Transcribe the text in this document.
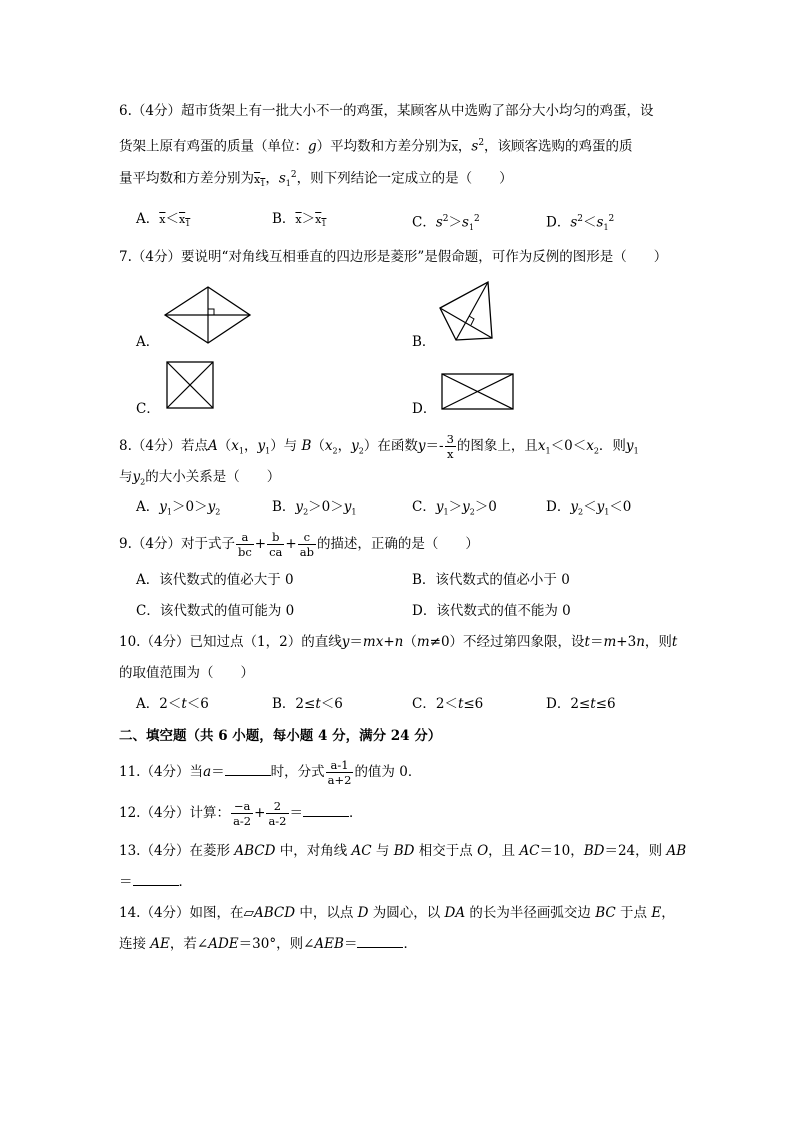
6.（4分）超市货架上有一批大小不一的鸡蛋，某顾客从中选购了部分大小均匀的鸡蛋，设
货架上原有鸡蛋的质量（单位：g）平均数和方差分别为$\overline{x}$，$s^2$，该顾客选购的鸡蛋的质
量平均数和方差分别为$x_1$，$s_1^2$，则下列结论一定成立的是（　　）
A．$\overline{x}<x_1$	B．$\overline{x}>x_1$	C．$s^2>s_1^2$	D．$s^2<s_1^2$
7.（4分）要说明“对角线互相垂直的四边形是菱形”是假命题，可作为反例的图形是（　　）
A．	B．
C．	D．
8.（4分）若点$A(x_1$，$y_1$）与 $B(x_2$，$y_2$）在函数$y=- \frac{3}{x}$ 的图象上，且$x_1<0<x_2$．则$y_1$
与$y_2$的大小关系是（　　）
A．$y_1>0>y_2$	B．$y_2>0>y_1$	C．$y_1>y_2>0$	D．$y_2<y_1<0$
9.（4分）对于式子 $\frac{a}{bc} + \frac{b}{ca} + \frac{c}{ab}$ 的描述，正确的是（　　）
A．该代数式的值必大于 0	B．该代数式的值必小于 0
C．该代数式的值可能为 0	D．该代数式的值不能为 0
10.（4分）已知过点（1，2）的直线y＝mx+n（m≠0）不经过第四象限，设t＝m+3n，则t
的取值范围为（　　）
A．2＜t＜6	B．2≤t＜6	C．2＜t≤6	D．2≤t≤6
二、填空题（共 6 小题，每小题 4 分，满分 24 分）
11.（4分）当a＝	时，分式 $\frac{a-1}{a+2}$ 的值为 0．
12.（4分）计算： $\frac{-a}{a-2} + \frac{2}{a-2}$ ＝	．
13.（4分）在菱形 ABCD 中，对角线 AC 与 BD 相交于点 O，且 AC＝10，BD＝24，则 AB
＝	．
14.（4分）如图，在▱ABCD 中，以点 D 为圆心，以 DA 的长为半径画弧交边 BC 于点 E，
连接 AE，若∠ADE＝30°，则∠AEB＝	．
